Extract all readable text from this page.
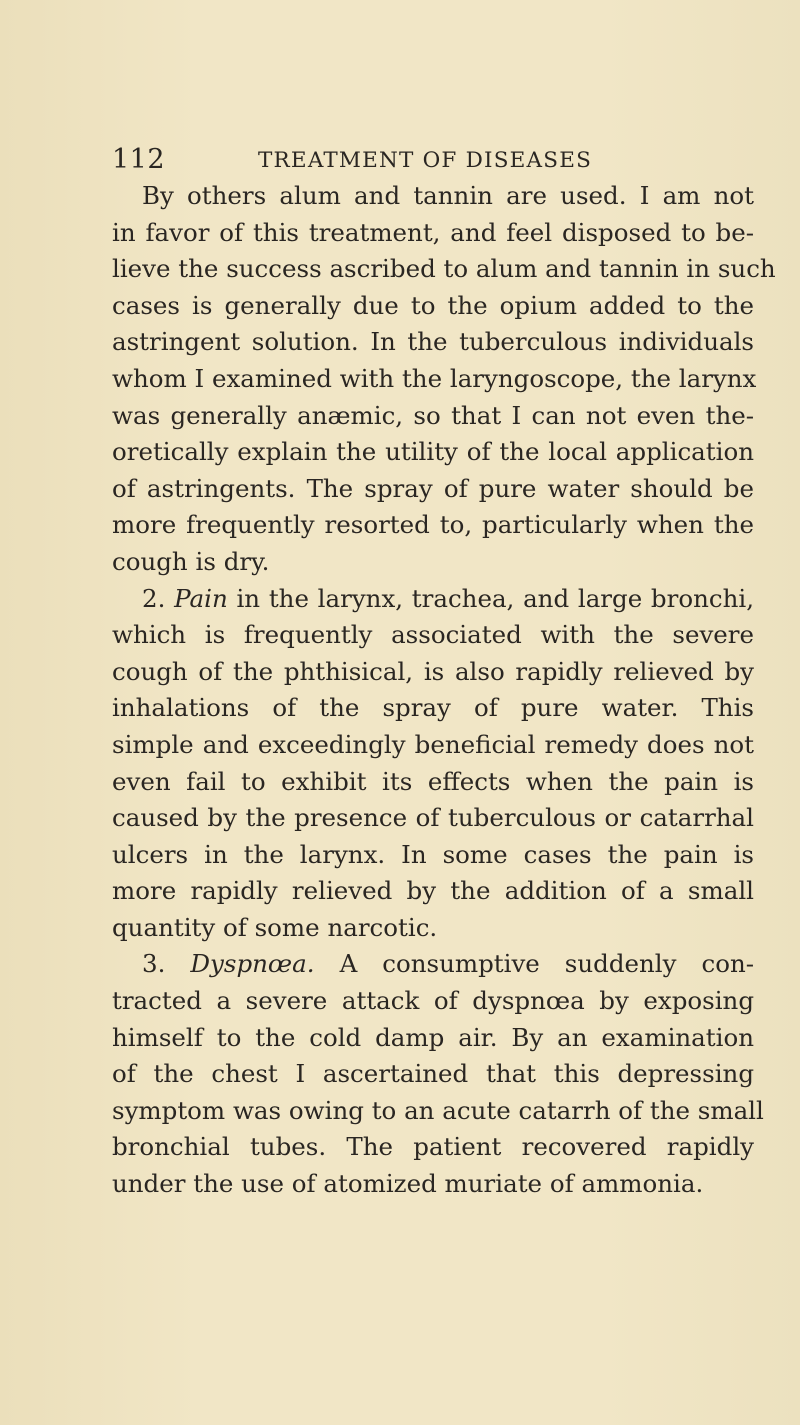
112	TREATMENT OF DISEASES
By others alum and tannin are used. I am not
in favor of this treatment, and feel disposed to be-
lieve the success ascribed to alum and tannin in such
cases is generally due to the opium added to the
astringent solution. In the tuberculous individuals
whom I examined with the laryngoscope, the larynx
was generally anæmic, so that I can not even the-
oretically explain the utility of the local application
of astringents. The spray of pure water should be
more frequently resorted to, particularly when the
cough is dry.
2. Pain in the larynx, trachea, and large bronchi,
which is frequently associated with the severe
cough of the phthisical, is also rapidly relieved by
inhalations of the spray of pure water. This
simple and exceedingly beneficial remedy does not
even fail to exhibit its effects when the pain is
caused by the presence of tuberculous or catarrhal
ulcers in the larynx. In some cases the pain is
more rapidly relieved by the addition of a small
quantity of some narcotic.
3. Dyspnœa. A consumptive suddenly con-
tracted a severe attack of dyspnœa by exposing
himself to the cold damp air. By an examination
of the chest I ascertained that this depressing
symptom was owing to an acute catarrh of the small
bronchial tubes. The patient recovered rapidly
under the use of atomized muriate of ammonia.
